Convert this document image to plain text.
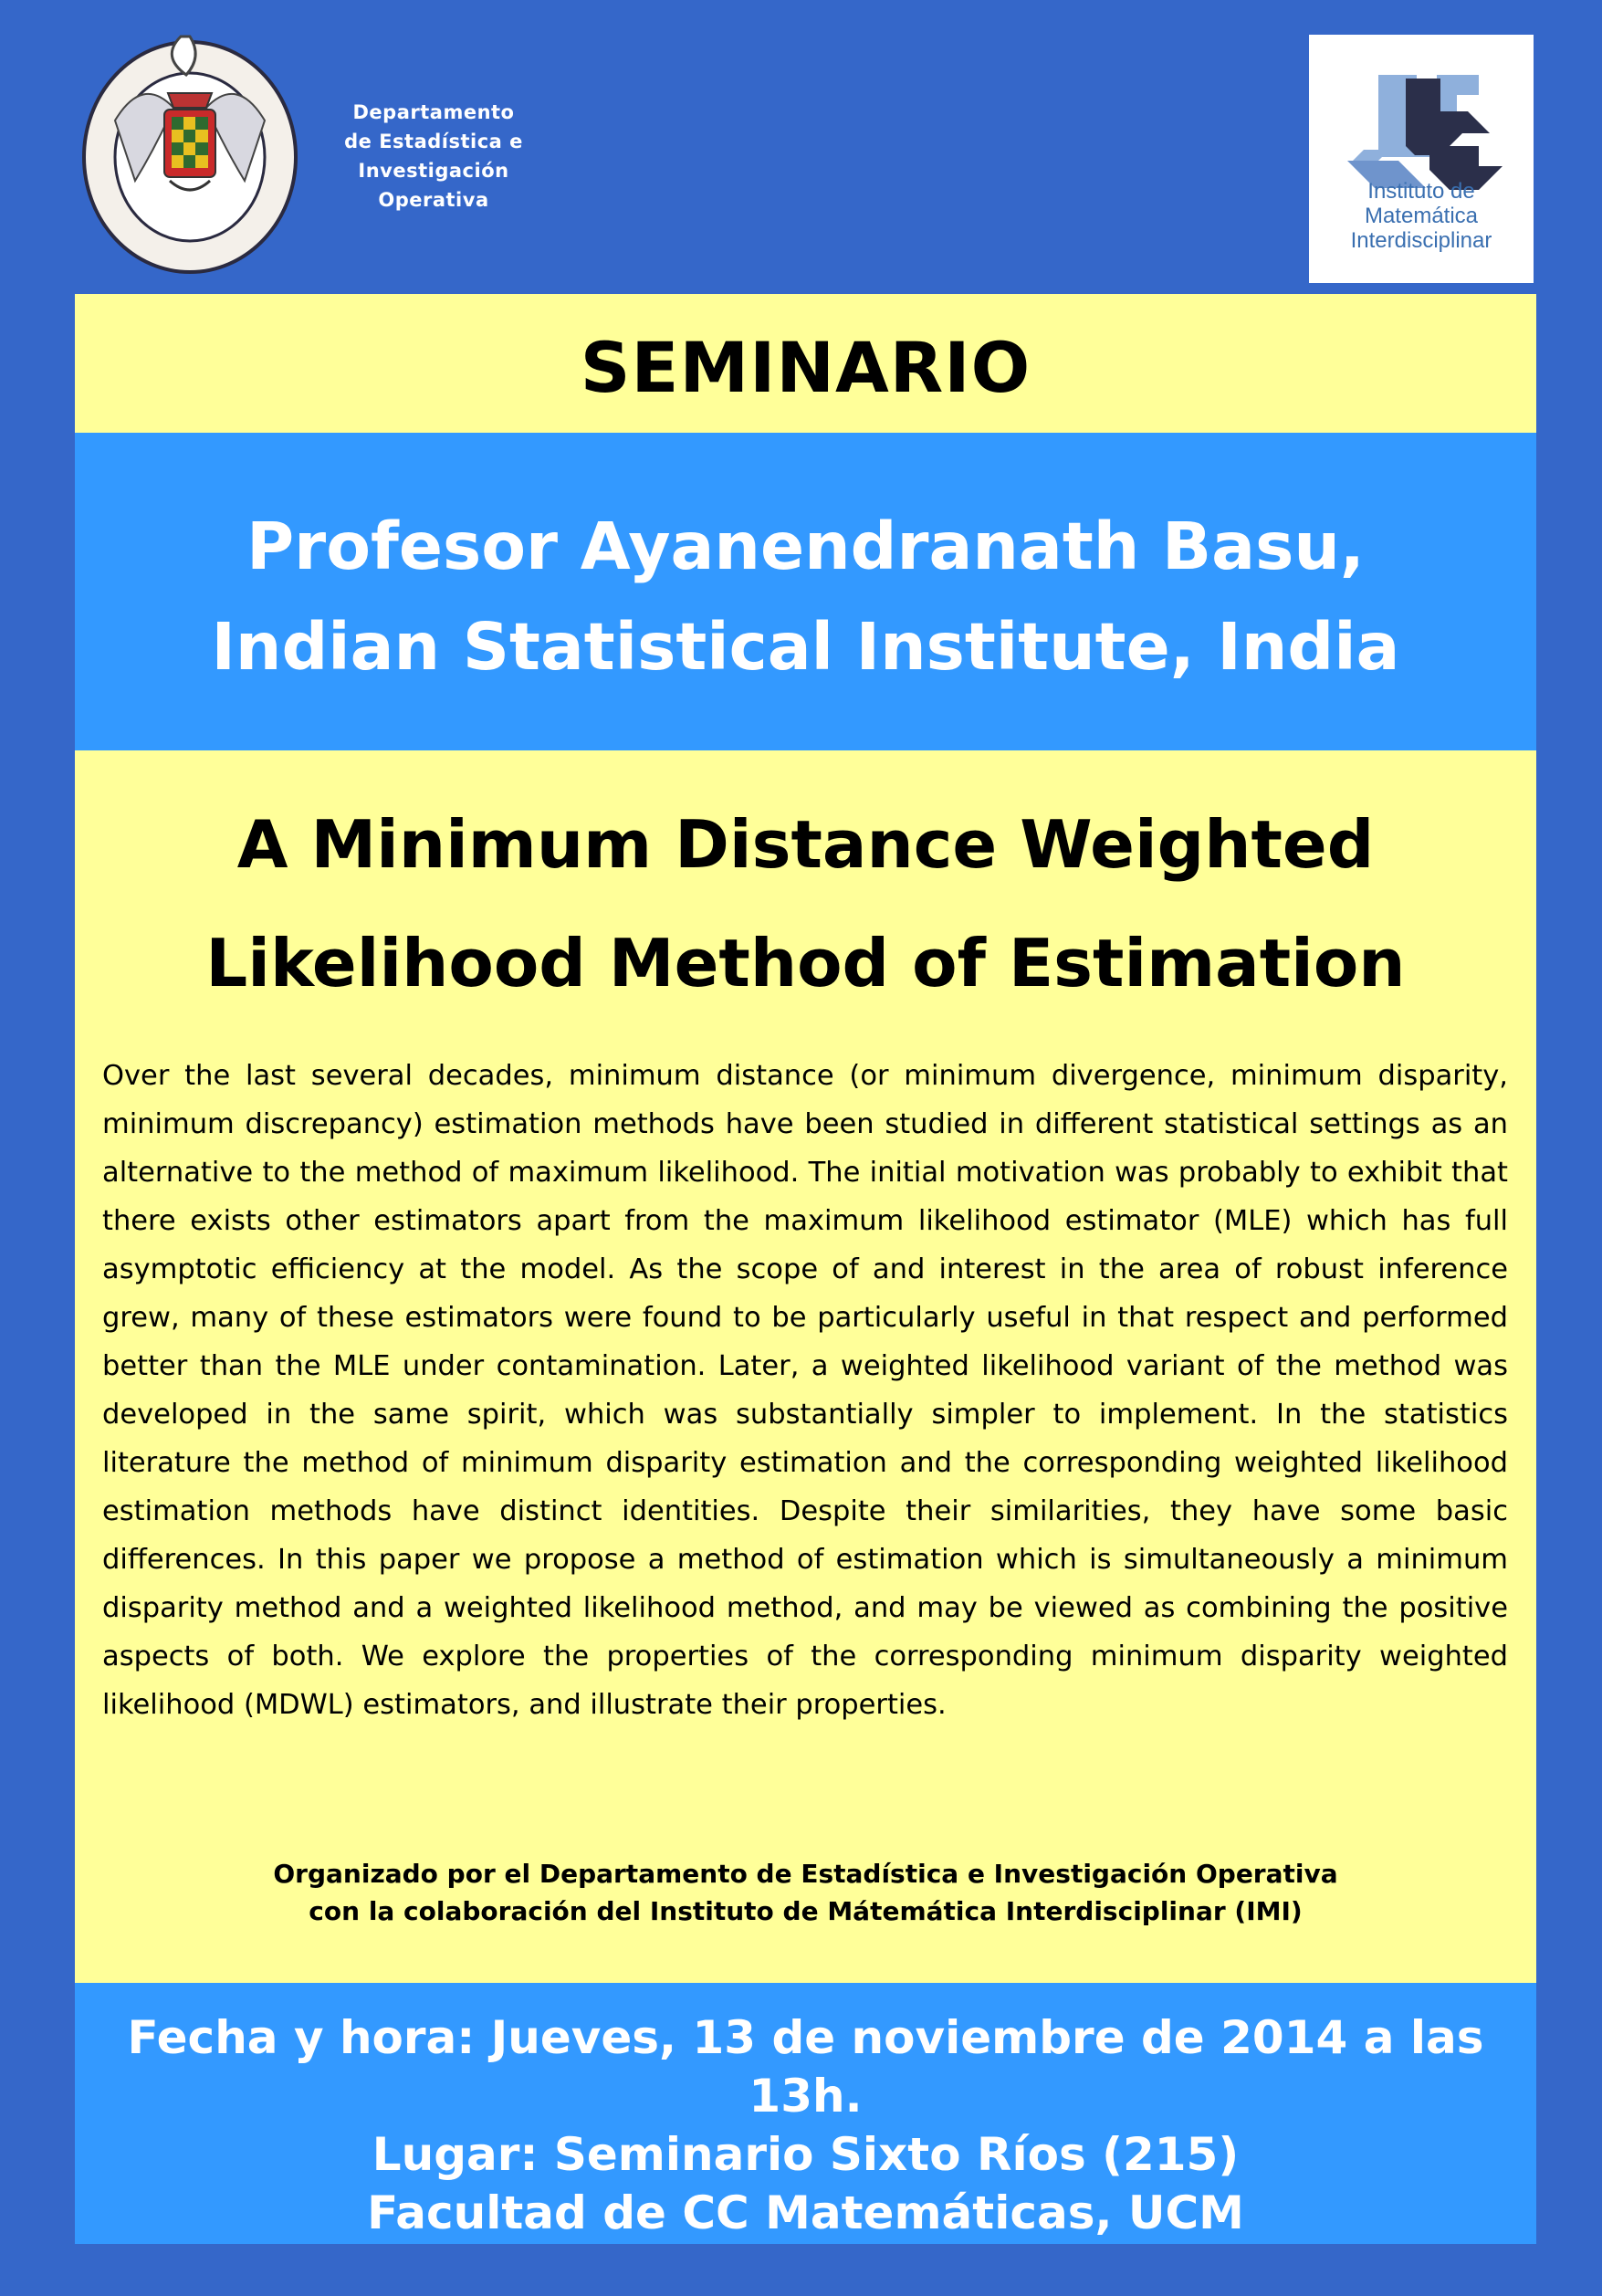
Departamento
de Estadística e
Investigación
Operativa	Instituto de
Matemática
Interdisciplinar
SEMINARIO
Profesor Ayanendranath Basu,
Indian Statistical Institute, India
A Minimum Distance Weighted
Likelihood Method of Estimation
Over the last several decades, minimum distance (or minimum divergence, minimum disparity, minimum discrepancy) estimation methods have been studied in different statistical settings as an alternative to the method of maximum likelihood. The initial motivation was probably to exhibit that there exists other estimators apart from the maximum likelihood estimator (MLE) which has full asymptotic efficiency at the model. As the scope of and interest in the area of robust inference grew, many of these estimators were found to be particularly useful in that respect and performed better than the MLE under contamination. Later, a weighted likelihood variant of the method was developed in the same spirit, which was substantially simpler to implement. In the statistics literature the method of minimum disparity estimation and the corresponding weighted likelihood estimation methods have distinct identities. Despite their similarities, they have some basic differences. In this paper we propose a method of estimation which is simultaneously a minimum disparity method and a weighted likelihood method, and may be viewed as combining the positive aspects of both. We explore the properties of the corresponding minimum disparity weighted likelihood (MDWL) estimators, and illustrate their properties.
Organizado por el Departamento de Estadística e Investigación Operativa
con la colaboración del Instituto de Mátemática Interdisciplinar (IMI)
Fecha y hora: Jueves, 13 de noviembre de 2014 a las 13h.
Lugar: Seminario Sixto Ríos (215)
Facultad de CC Matemáticas, UCM
